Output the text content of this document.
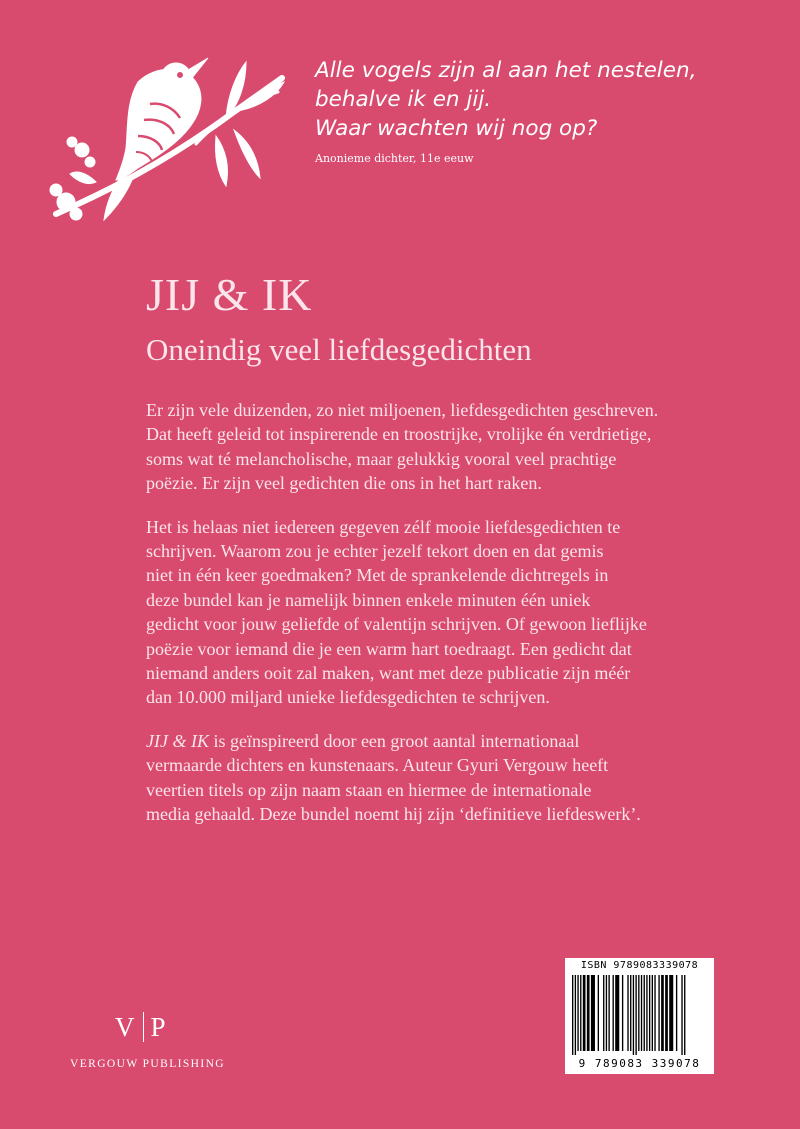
Alle vogels zijn al aan het nestelen,
behalve ik en jij.
Waar wachten wij nog op?
Anonieme dichter, 11e eeuw
JIJ & IK
Oneindig veel liefdesgedichten
Er zijn vele duizenden, zo niet miljoenen, liefdesgedichten geschreven.
Dat heeft geleid tot inspirerende en troostrijke, vrolijke én verdrietige,
soms wat té melancholische, maar gelukkig vooral veel prachtige
poëzie. Er zijn veel gedichten die ons in het hart raken.
Het is helaas niet iedereen gegeven zélf mooie liefdesgedichten te
schrijven. Waarom zou je echter jezelf tekort doen en dat gemis
niet in één keer goedmaken? Met de sprankelende dichtregels in
deze bundel kan je namelijk binnen enkele minuten één uniek
gedicht voor jouw geliefde of valentijn schrijven. Of gewoon lieflijke
poëzie voor iemand die je een warm hart toedraagt. Een gedicht dat
niemand anders ooit zal maken, want met deze publicatie zijn méér
dan 10.000 miljard unieke liefdesgedichten te schrijven.
JIJ & IK is geïnspireerd door een groot aantal internationaal
vermaarde dichters en kunstenaars. Auteur Gyuri Vergouw heeft
veertien titels op zijn naam staan en hiermee de internationale
media gehaald. Deze bundel noemt hij zijn ‘definitieve liefdeswerk’.
V P
VERGOUW PUBLISHING
ISBN 9789083339078
9 789083 339078
